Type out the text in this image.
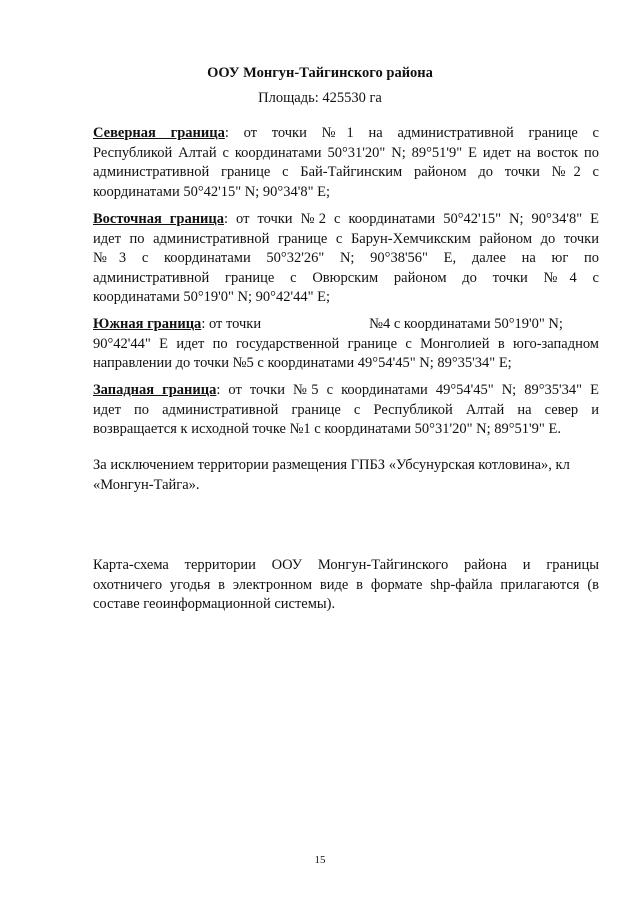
ООУ Монгун-Тайгинского района
Площадь: 425530 га
Северная граница: от точки №1 на административной границе с
Республикой Алтай с координатами 50°31'20" N; 89°51'9" E идет на восток по
административной границе с Бай-Тайгинским районом до точки №2 с
координатами 50°42'15" N; 90°34'8" E;
Восточная граница: от точки №2 с координатами 50°42'15" N; 90°34'8" E
идет по административной границе с Барун-Хемчикским районом до точки
№3 с координатами 50°32'26" N; 90°38'56" E, далее на юг по
административной границе с Овюрским районом до точки №4 с
координатами 50°19'0" N; 90°42'44" E;
Южная граница: от точки	№4 с координатами 50°19'0" N;
90°42'44" E идет по государственной границе с Монголией в юго-западном
направлении до точки №5 с координатами 49°54'45" N; 89°35'34" E;
Западная граница: от точки №5 с координатами 49°54'45" N; 89°35'34" E
идет по административной границе с Республикой Алтай на север и
возвращается к исходной точке №1 с координатами 50°31'20" N; 89°51'9" E.
За исключением территории размещения ГПБЗ «Убсунурская котловина», кл
«Монгун-Тайга».
Карта-схема территории ООУ Монгун-Тайгинского района и границы
охотничего угодья в электронном виде в формате shp-файла прилагаются (в
составе геоинформационной системы).
15
